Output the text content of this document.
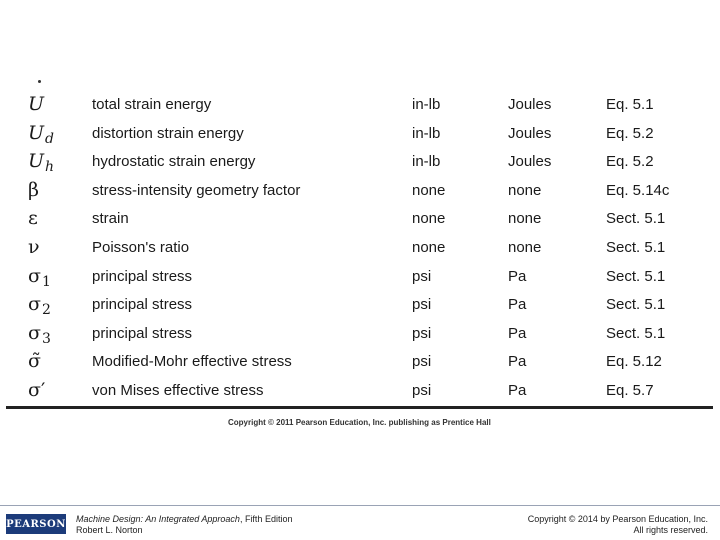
U	total strain energy	in-lb	Joules	Eq. 5.1
$U_d$	distortion strain energy	in-lb	Joules	Eq. 5.2
$U_h$	hydrostatic strain energy	in-lb	Joules	Eq. 5.2
β	stress-intensity geometry factor	none	none	Eq. 5.14c
ε	strain	none	none	Sect. 5.1
ν	Poisson's ratio	none	none	Sect. 5.1
$\sigma_1$	principal stress	psi	Pa	Sect. 5.1
$\sigma_2$	principal stress	psi	Pa	Sect. 5.1
$\sigma_3$	principal stress	psi	Pa	Sect. 5.1
σ̃	Modified-Mohr effective stress	psi	Pa	Eq. 5.12
σ′	von Mises effective stress	psi	Pa	Eq. 5.7
Copyright © 2011 Pearson Education, Inc. publishing as Prentice Hall
PEARSON Machine Design: An Integrated Approach, Fifth Edition
Robert L. Norton
Copyright © 2014 by Pearson Education, Inc.
All rights reserved.
